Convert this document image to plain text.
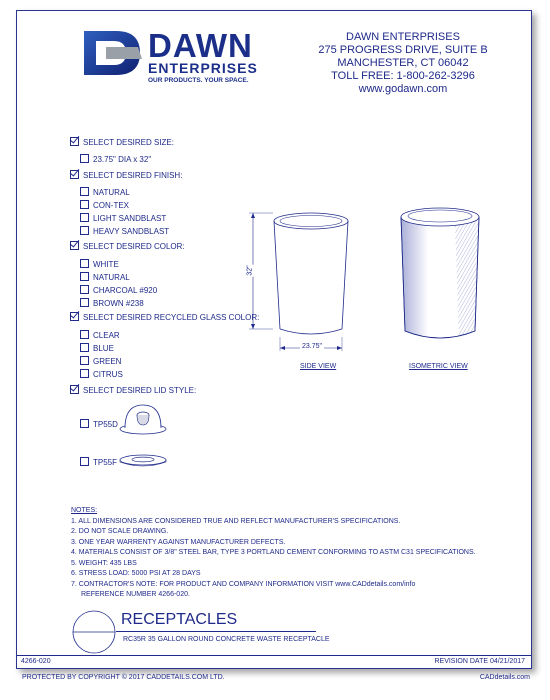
DAWN
ENTERPRISES
OUR PRODUCTS. YOUR SPACE.
DAWN ENTERPRISES
275 PROGRESS DRIVE, SUITE B
MANCHESTER, CT 06042
TOLL FREE: 1-800-262-3296
www.godawn.com
SELECT DESIRED SIZE:
23.75" DIA x 32"
SELECT DESIRED FINISH:
NATURAL
CON-TEX
LIGHT SANDBLAST
HEAVY SANDBLAST
SELECT DESIRED COLOR:
WHITE
NATURAL
CHARCOAL #920
BROWN #238
SELECT DESIRED RECYCLED GLASS COLOR:
CLEAR
BLUE
GREEN
CITRUS
SELECT DESIRED LID STYLE:
TP55D
TP55F
32"
23.75"
SIDE VIEW	ISOMETRIC VIEW
NOTES:
1. ALL DIMENSIONS ARE CONSIDERED TRUE AND REFLECT MANUFACTURER'S SPECIFICATIONS.
2. DO NOT SCALE DRAWING.
3. ONE YEAR WARRENTY AGAINST MANUFACTURER DEFECTS.
4. MATERIALS CONSIST OF 3/8" STEEL BAR, TYPE 3 PORTLAND CEMENT CONFORMING TO ASTM C31 SPECIFICATIONS.
5. WEIGHT: 435 LBS
6. STRESS LOAD: 5000 PSI AT 28 DAYS
7. CONTRACTOR'S NOTE: FOR PRODUCT AND COMPANY INFORMATION VISIT www.CADdetails.com/info
REFERENCE NUMBER 4266-020.
RECEPTACLES
RC35R 35 GALLON ROUND CONCRETE WASTE RECEPTACLE
4266-020	REVISION DATE 04/21/2017
PROTECTED BY COPYRIGHT © 2017 CADDETAILS.COM LTD.	CADdetails.com
